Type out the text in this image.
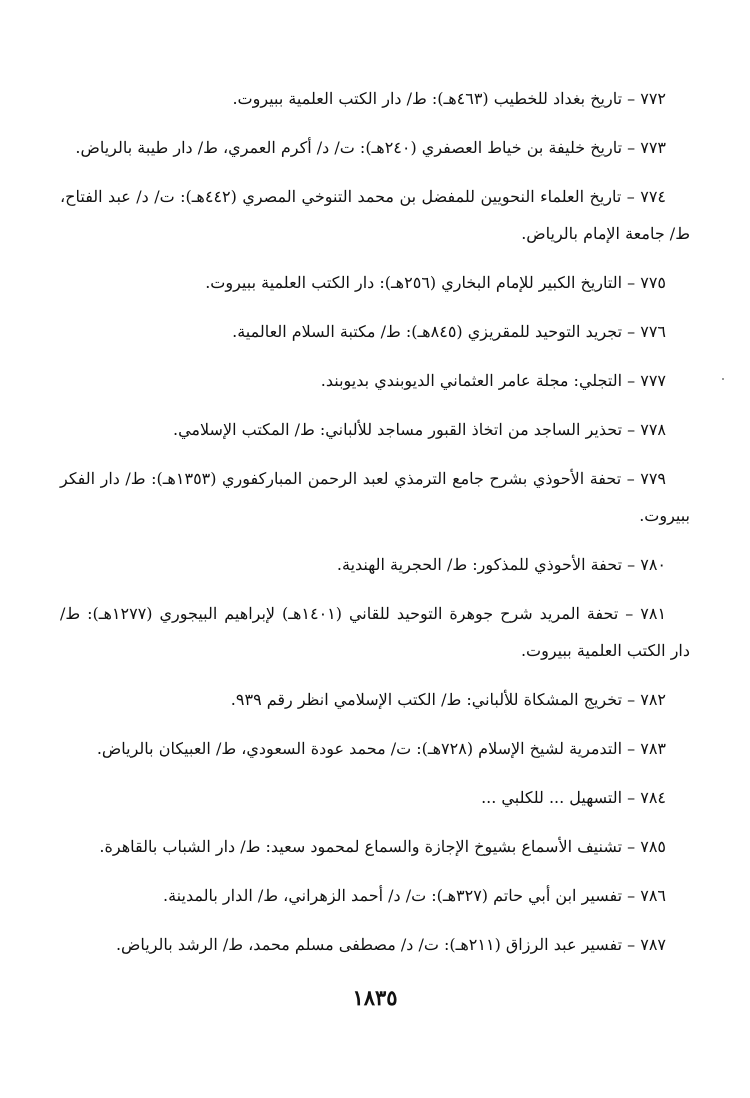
٧٧٢ – تاريخ بغداد للخطيب (٤٦٣هـ): ط/ دار الكتب العلمية ببيروت.

٧٧٣ – تاريخ خليفة بن خياط العصفري (٢٤٠هـ): ت/ د/ أكرم العمري، ط/ دار طيبة بالرياض.

٧٧٤ – تاريخ العلماء النحويين للمفضل بن محمد التنوخي المصري (٤٤٢هـ): ت/ د/ عبد الفتاح، ط/ جامعة الإمام بالرياض.

٧٧٥ – التاريخ الكبير للإمام البخاري (٢٥٦هـ): دار الكتب العلمية ببيروت.

٧٧٦ – تجريد التوحيد للمقريزي (٨٤٥هـ): ط/ مكتبة السلام العالمية.

٧٧٧ – التجلي: مجلة عامر العثماني الديوبندي بديوبند.

٧٧٨ – تحذير الساجد من اتخاذ القبور مساجد للألباني: ط/ المكتب الإسلامي.

٧٧٩ – تحفة الأحوذي بشرح جامع الترمذي لعبد الرحمن المباركفوري (١٣٥٣هـ): ط/ دار الفكر ببيروت.

٧٨٠ – تحفة الأحوذي للمذكور: ط/ الحجرية الهندية.

٧٨١ – تحفة المريد شرح جوهرة التوحيد للقاني (١٤٠١هـ) لإبراهيم البيجوري (١٢٧٧هـ): ط/ دار الكتب العلمية ببيروت.

٧٨٢ – تخريج المشكاة للألباني: ط/ الكتب الإسلامي انظر رقم ٩٣٩.

٧٨٣ – التدمرية لشيخ الإسلام (٧٢٨هـ): ت/ محمد عودة السعودي، ط/ العبيكان بالرياض.

٧٨٤ – التسهيل ... للكلبي ...

٧٨٥ – تشنيف الأسماع بشيوخ الإجازة والسماع لمحمود سعيد: ط/ دار الشباب بالقاهرة.

٧٨٦ – تفسير ابن أبي حاتم (٣٢٧هـ): ت/ د/ أحمد الزهراني، ط/ الدار بالمدينة.

٧٨٧ – تفسير عبد الرزاق (٢١١هـ): ت/ د/ مصطفى مسلم محمد، ط/ الرشد بالرياض.

١٨٣٥
